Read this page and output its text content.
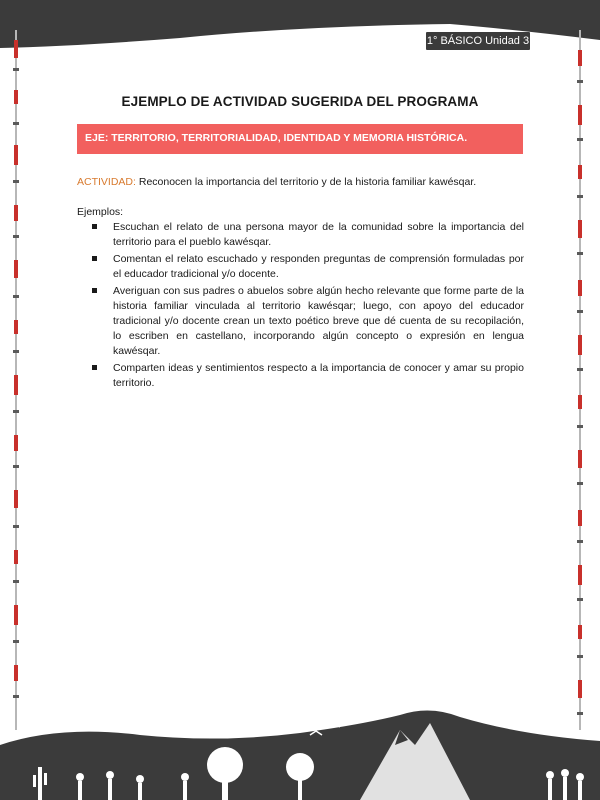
1° BÁSICO Unidad 3
EJEMPLO DE ACTIVIDAD SUGERIDA DEL PROGRAMA
EJE: TERRITORIO, TERRITORIALIDAD, IDENTIDAD Y MEMORIA HISTÓRICA.
ACTIVIDAD: Reconocen la importancia del territorio y de la historia familiar kawésqar.
Ejemplos:
Escuchan el relato de una persona mayor de la comunidad sobre la importancia del territorio para el pueblo kawésqar.
Comentan el relato escuchado y responden preguntas de comprensión formuladas por el educador tradicional y/o docente.
Averiguan con sus padres o abuelos sobre algún hecho relevante que forme parte de la historia familiar vinculada al territorio kawésqar; luego, con apoyo del educador tradicional y/o docente crean un texto poético breve que dé cuenta de su recopilación, lo escriben en castellano, incorporando algún concepto o expresión en lengua kawésqar.
Comparten ideas y sentimientos respecto a la importancia de conocer y amar su propio territorio.
